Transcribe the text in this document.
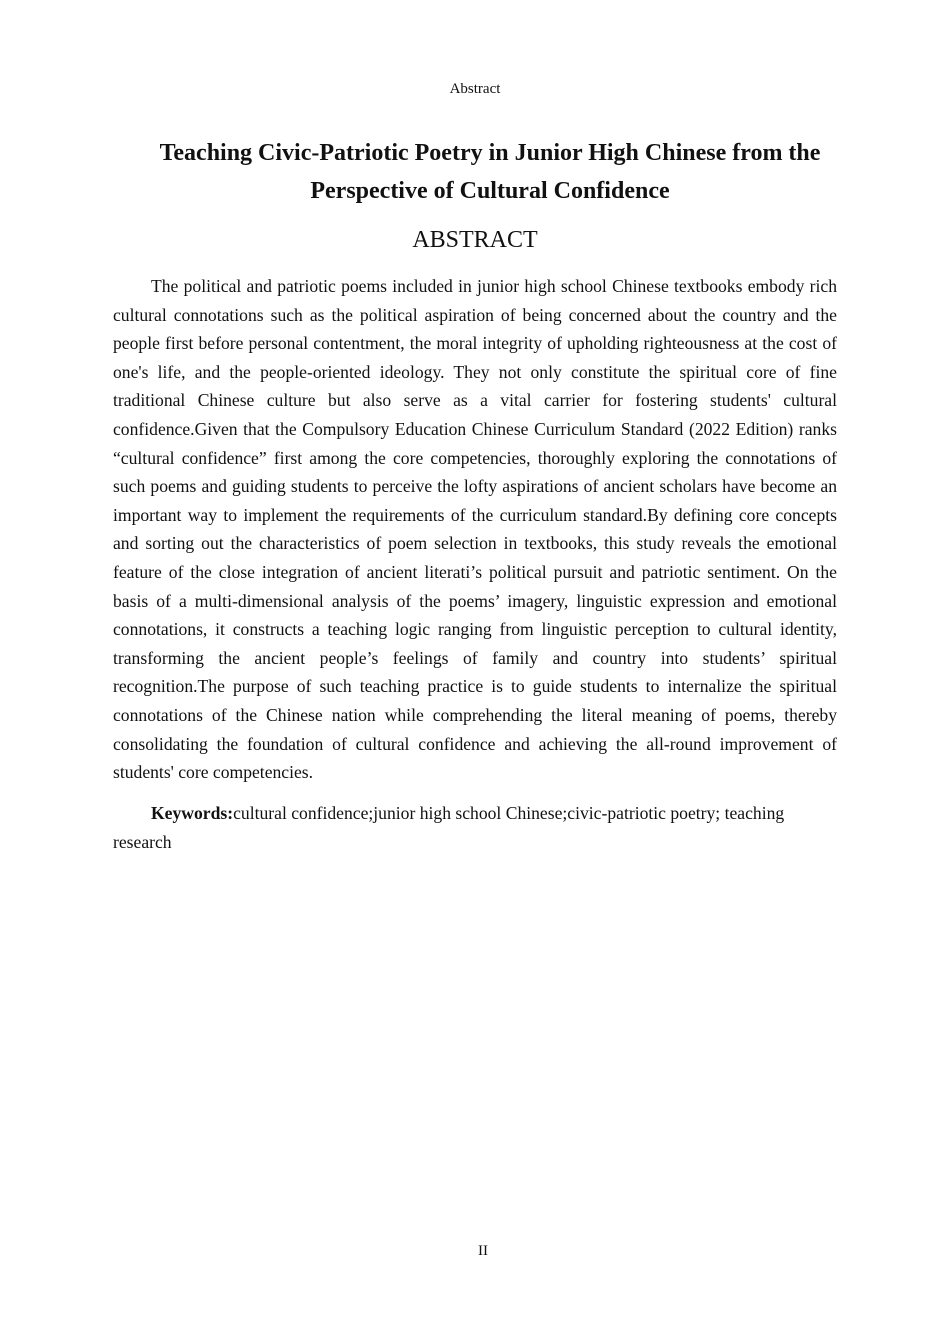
Abstract
Teaching Civic-Patriotic Poetry in Junior High Chinese from the Perspective of Cultural Confidence
ABSTRACT

The political and patriotic poems included in junior high school Chinese textbooks embody rich cultural connotations such as the political aspiration of being concerned about the country and the people first before personal contentment, the moral integrity of upholding righteousness at the cost of one's life, and the people-oriented ideology. They not only constitute the spiritual core of fine traditional Chinese culture but also serve as a vital carrier for fostering students' cultural confidence.Given that the Compulsory Education Chinese Curriculum Standard (2022 Edition) ranks “cultural confidence” first among the core competencies, thoroughly exploring the connotations of such poems and guiding students to perceive the lofty aspirations of ancient scholars have become an important way to implement the requirements of the curriculum standard.By defining core concepts and sorting out the characteristics of poem selection in textbooks, this study reveals the emotional feature of the close integration of ancient literati’s political pursuit and patriotic sentiment. On the basis of a multi-dimensional analysis of the poems’ imagery, linguistic expression and emotional connotations, it constructs a teaching logic ranging from linguistic perception to cultural identity, transforming the ancient people’s feelings of family and country into students’ spiritual recognition.The purpose of such teaching practice is to guide students to internalize the spiritual connotations of the Chinese nation while comprehending the literal meaning of poems, thereby consolidating the foundation of cultural confidence and achieving the all-round improvement of students' core competencies.

Keywords:cultural confidence;junior high school Chinese;civic-patriotic poetry; teaching research

II
